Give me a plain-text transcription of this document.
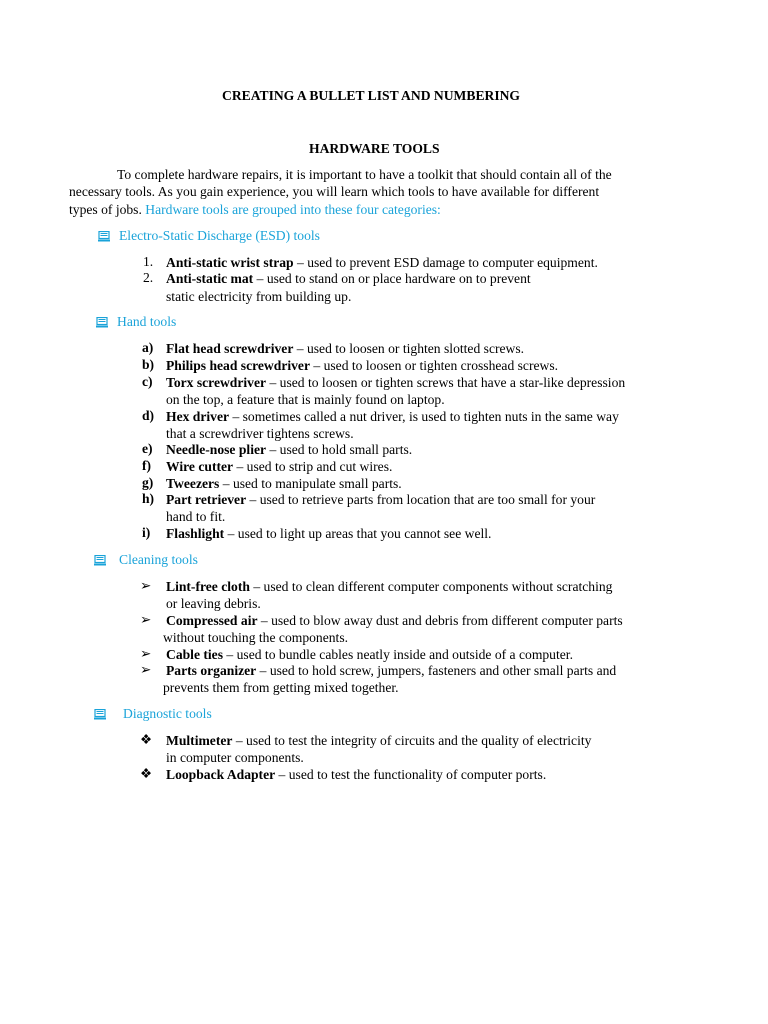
CREATING A BULLET LIST AND NUMBERING
HARDWARE TOOLS
To complete hardware repairs, it is important to have a toolkit that should contain all of the
necessary tools. As you gain experience, you will learn which tools to have available for different
types of jobs. Hardware tools are grouped into these four categories:
Electro-Static Discharge (ESD) tools
1. Anti-static wrist strap – used to prevent ESD damage to computer equipment.
2. Anti-static mat – used to stand on or place hardware on to prevent
static electricity from building up.
Hand tools
a) Flat head screwdriver – used to loosen or tighten slotted screws.
b) Philips head screwdriver – used to loosen or tighten crosshead screws.
c) Torx screwdriver – used to loosen or tighten screws that have a star-like depression
on the top, a feature that is mainly found on laptop.
d) Hex driver – sometimes called a nut driver, is used to tighten nuts in the same way
that a screwdriver tightens screws.
e) Needle-nose plier – used to hold small parts.
f) Wire cutter – used to strip and cut wires.
g) Tweezers – used to manipulate small parts.
h) Part retriever – used to retrieve parts from location that are too small for your
hand to fit.
i) Flashlight – used to light up areas that you cannot see well.
Cleaning tools
➢ Lint-free cloth – used to clean different computer components without scratching
or leaving debris.
➢ Compressed air – used to blow away dust and debris from different computer parts
without touching the components.
➢ Cable ties – used to bundle cables neatly inside and outside of a computer.
➢ Parts organizer – used to hold screw, jumpers, fasteners and other small parts and
prevents them from getting mixed together.
Diagnostic tools
❖ Multimeter – used to test the integrity of circuits and the quality of electricity
in computer components.
❖ Loopback Adapter – used to test the functionality of computer ports.
